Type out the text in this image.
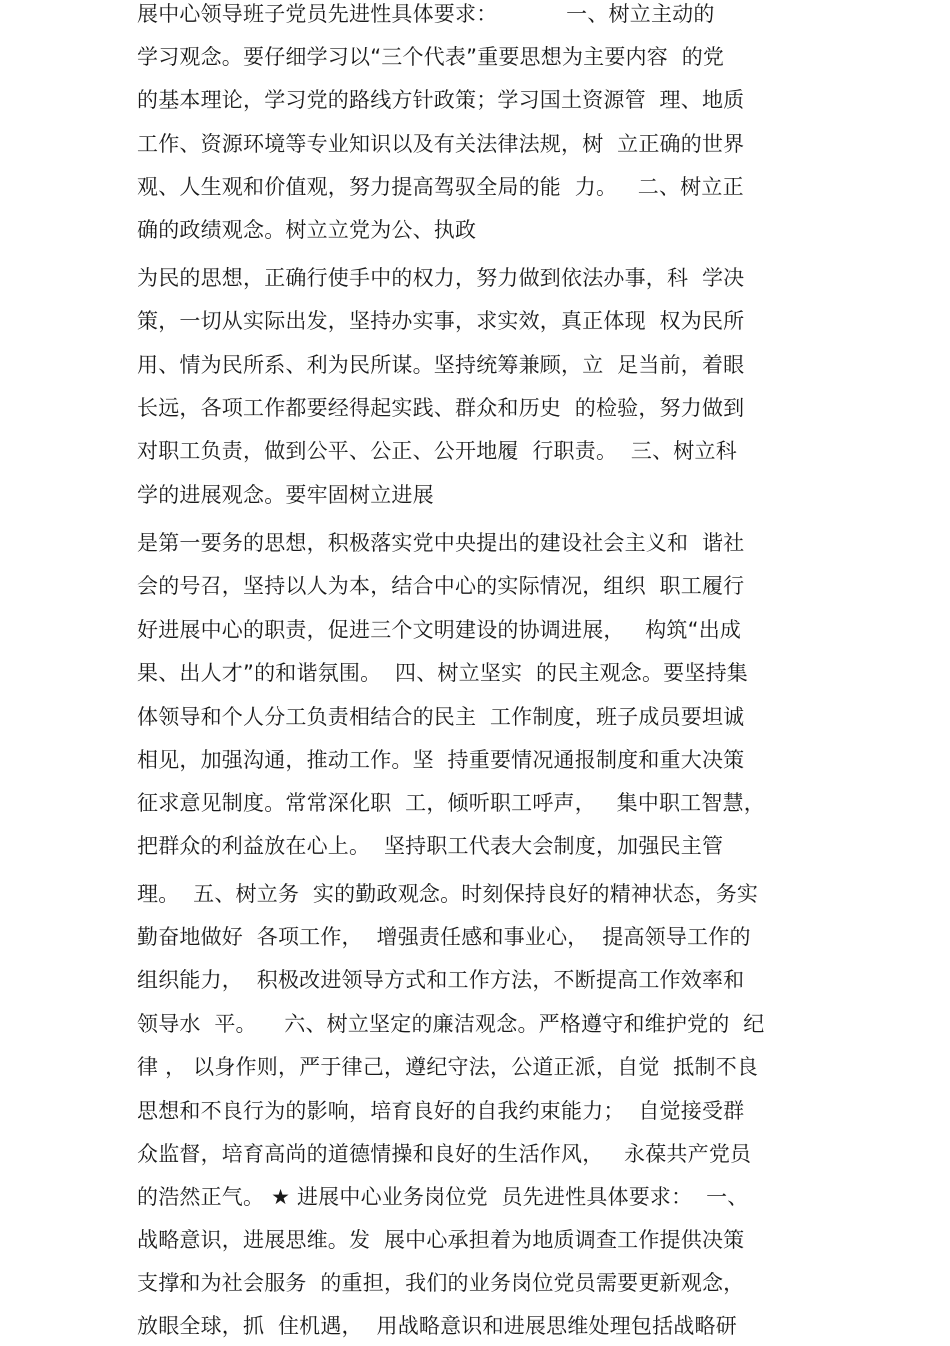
展中心领导班子党员先进性具体要求：          一、树立主动的
学习观念。要仔细学习以“三个代表”重要思想为主要内容  的党
的基本理论，学习党的路线方针政策；学习国土资源管  理、地质
工作、资源环境等专业知识以及有关法律法规，树  立正确的世界
观、人生观和价值观，努力提高驾驭全局的能  力。   二、树立正
确的政绩观念。树立立党为公、执政
为民的思想，正确行使手中的权力，努力做到依法办事，科  学决
策，一切从实际出发，坚持办实事，求实效，真正体现  权为民所
用、情为民所系、利为民所谋。坚持统筹兼顾，立  足当前，着眼
长远，各项工作都要经得起实践、群众和历史  的检验，努力做到
对职工负责，做到公平、公正、公开地履  行职责。  三、树立科
学的进展观念。要牢固树立进展
是第一要务的思想，积极落实党中央提出的建设社会主义和  谐社
会的号召，坚持以人为本，结合中心的实际情况，组织  职工履行
好进展中心的职责，促进三个文明建设的协调进展，   构筑“出成
果、出人才”的和谐氛围。  四、树立坚实  的民主观念。要坚持集
体领导和个人分工负责相结合的民主  工作制度，班子成员要坦诚
相见，加强沟通，推动工作。坚  持重要情况通报制度和重大决策
征求意见制度。常常深化职  工，倾听职工呼声，   集中职工智慧，
把群众的利益放在心上。  坚持职工代表大会制度，加强民主管
理。  五、树立务  实的勤政观念。时刻保持良好的精神状态，务实
勤奋地做好  各项工作，  增强责任感和事业心，  提高领导工作的
组织能力，  积极改进领导方式和工作方法，不断提高工作效率和
领导水  平。    六、树立坚定的廉洁观念。严格遵守和维护党的  纪
律 ， 以身作则，严于律己，遵纪守法，公道正派，自觉  抵制不良
思想和不良行为的影响，培育良好的自我约束能力；  自觉接受群
众监督，培育高尚的道德情操和良好的生活作风，   永葆共产党员
的浩然正气。 ★ 进展中心业务岗位党  员先进性具体要求：  一、
战略意识，进展思维。发  展中心承担着为地质调查工作提供决策
支撑和为社会服务  的重担，我们的业务岗位党员需要更新观念，
放眼全球，抓  住机遇，  用战略意识和进展思维处理包括战略研
